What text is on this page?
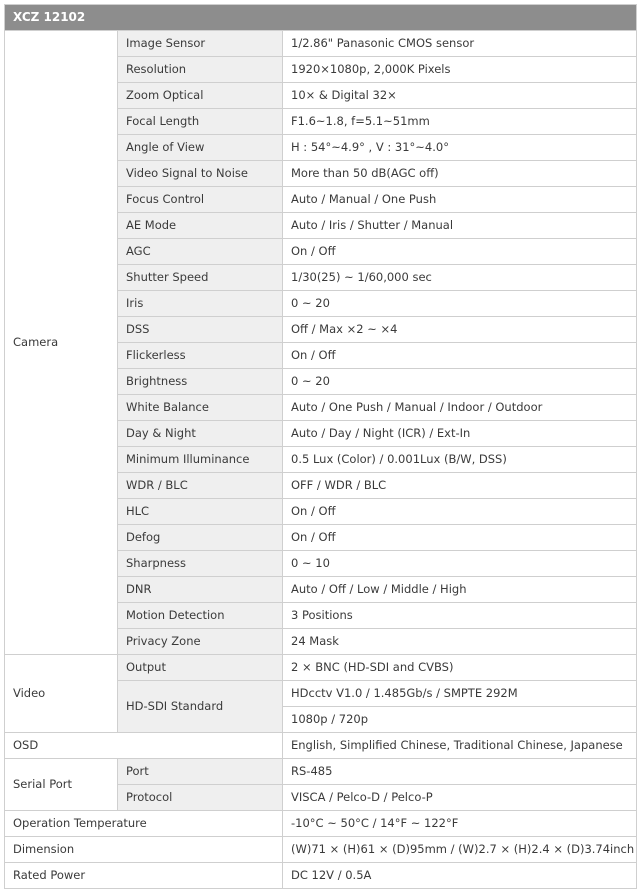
XCZ 12102		
Camera	Image Sensor	1/2.86" Panasonic CMOS sensor
	Resolution	1920×1080p, 2,000K Pixels
	Zoom Optical	10× & Digital 32×
	Focal Length	F1.6~1.8, f=5.1~51mm
	Angle of View	H : 54°~4.9° , V : 31°~4.0°
	Video Signal to Noise	More than 50 dB(AGC off)
	Focus Control	Auto / Manual / One Push
	AE Mode	Auto / Iris / Shutter / Manual
	AGC	On / Off
	Shutter Speed	1/30(25) ~ 1/60,000 sec
	Iris	0 ~ 20
	DSS	Off / Max ×2 ~ ×4
	Flickerless	On / Off
	Brightness	0 ~ 20
	White Balance	Auto / One Push / Manual / Indoor / Outdoor
	Day & Night	Auto / Day / Night (ICR) / Ext-In
	Minimum Illuminance	0.5 Lux (Color) / 0.001Lux (B/W, DSS)
	WDR / BLC	OFF / WDR / BLC
	HLC	On / Off
	Defog	On / Off
	Sharpness	0 ~ 10
	DNR	Auto / Off / Low / Middle / High
	Motion Detection	3 Positions
	Privacy Zone	24 Mask
Video	Output	2 × BNC (HD-SDI and CVBS)
	HD-SDI Standard	HDcctv V1.0 / 1.485Gb/s / SMPTE 292M
		1080p / 720p
OSD		English, Simplified Chinese, Traditional Chinese, Japanese
Serial Port	Port	RS-485
	Protocol	VISCA / Pelco-D / Pelco-P
Operation Temperature		-10°C ~ 50°C / 14°F ~ 122°F
Dimension		(W)71 × (H)61 × (D)95mm / (W)2.7 × (H)2.4 × (D)3.74inch
Rated Power		DC 12V / 0.5A
